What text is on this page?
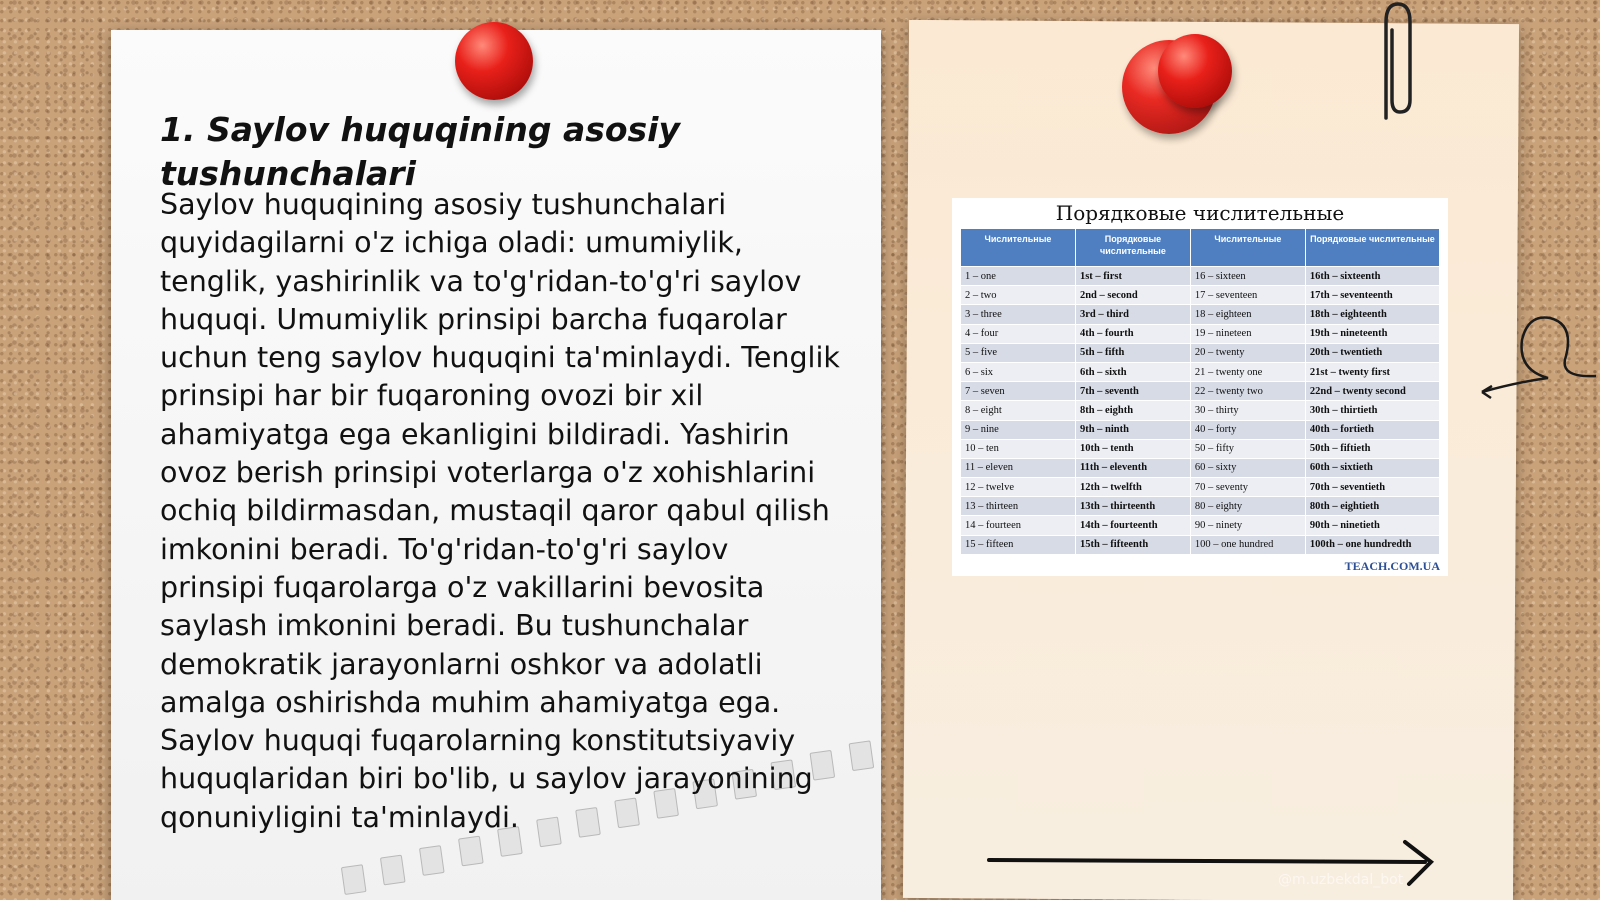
1. Saylov huquqining asosiy tushunchalari

Saylov huquqining asosiy tushunchalari quyidagilarni o'z ichiga oladi: umumiylik, tenglik, yashirinlik va to'g'ridan-to'g'ri saylov huquqi. Umumiylik prinsipi barcha fuqarolar uchun teng saylov huquqini ta'minlaydi. Tenglik prinsipi har bir fuqaroning ovozi bir xil ahamiyatga ega ekanligini bildiradi. Yashirin ovoz berish prinsipi voterlarga o'z xohishlarini ochiq bildirmasdan, mustaqil qaror qabul qilish imkonini beradi. To'g'ridan-to'g'ri saylov prinsipi fuqarolarga o'z vakillarini bevosita saylash imkonini beradi. Bu tushunchalar demokratik jarayonlarni oshkor va adolatli amalga oshirishda muhim ahamiyatga ega. Saylov huquqi fuqarolarning konstitutsiyaviy huquqlaridan biri bo'lib, u saylov jarayonining qonuniyligini ta'minlaydi.

Порядковые числительные
Числительные	Порядковые числительные	Числительные	Порядковые числительные
1 – one	1st – first	16 – sixteen	16th – sixteenth
2 – two	2nd – second	17 – seventeen	17th – seventeenth
3 – three	3rd – third	18 – eighteen	18th – eighteenth
4 – four	4th – fourth	19 – nineteen	19th – nineteenth
5 – five	5th – fifth	20 – twenty	20th – twentieth
6 – six	6th – sixth	21 – twenty one	21st – twenty first
7 – seven	7th – seventh	22 – twenty two	22nd – twenty second
8 – eight	8th – eighth	30 – thirty	30th – thirtieth
9 – nine	9th – ninth	40 – forty	40th – fortieth
10 – ten	10th – tenth	50 – fifty	50th – fiftieth
11 – eleven	11th – eleventh	60 – sixty	60th – sixtieth
12 – twelve	12th – twelfth	70 – seventy	70th – seventieth
13 – thirteen	13th – thirteenth	80 – eighty	80th – eightieth
14 – fourteen	14th – fourteenth	90 – ninety	90th – ninetieth
15 – fifteen	15th – fifteenth	100 – one hundred	100th – one hundredth
TEACH.COM.UA
@m.uzbekdal_bot
